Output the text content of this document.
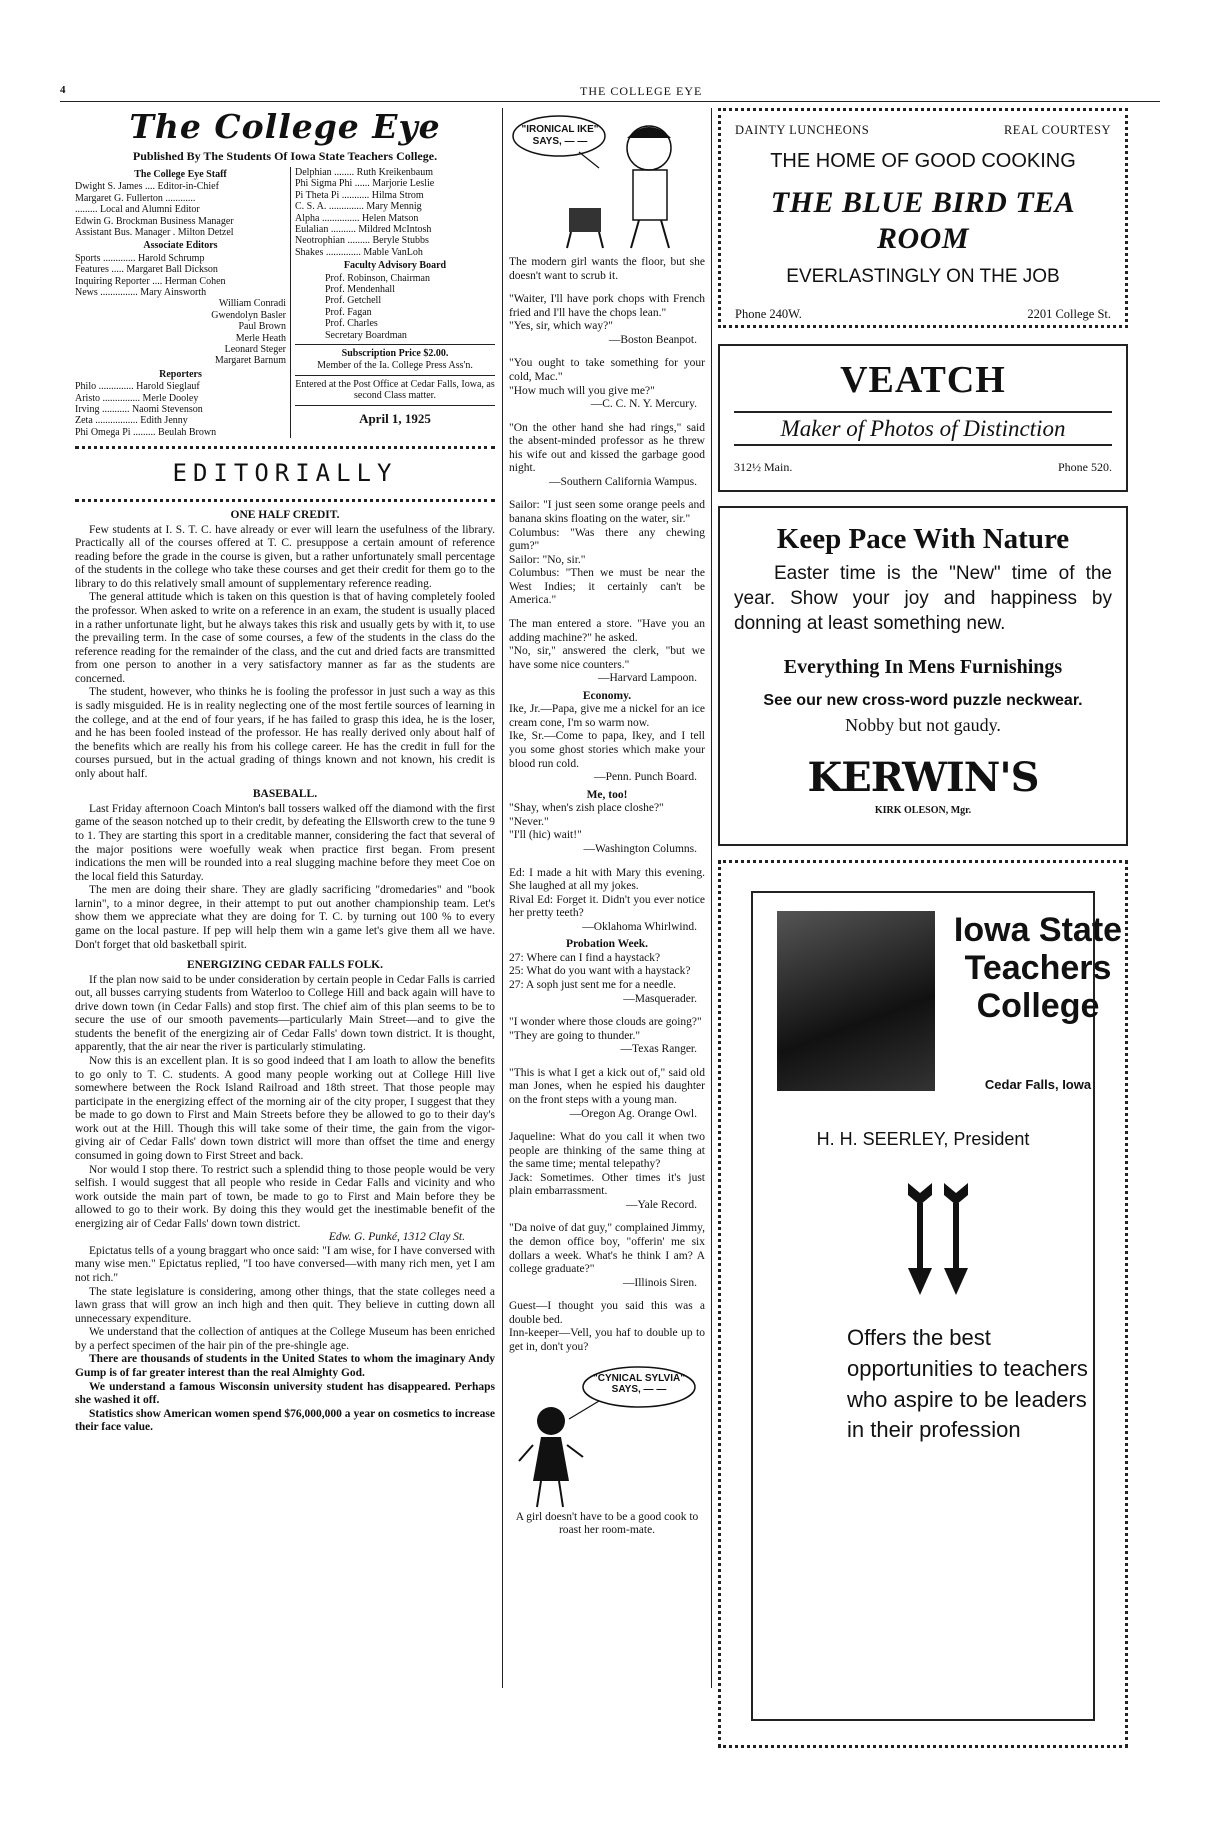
4	THE COLLEGE EYE
The College Eye
Published By The Students Of Iowa State Teachers College.
The College Eye Staff
Dwight S. James .... Editor-in-Chief
Margaret G. Fullerton ............
......... Local and Alumni Editor
Edwin G. Brockman Business Manager
Assistant Bus. Manager . Milton Detzel
Associate Editors
Sports ............. Harold Schrump
Features ..... Margaret Ball Dickson
Inquiring Reporter .... Herman Cohen
News ............... Mary Ainsworth
William Conradi
Gwendolyn Basler
Paul Brown
Merle Heath
Leonard Steger
Margaret Barnum
Reporters
Philo .............. Harold Sieglauf
Aristo ............... Merle Dooley
Irving ........... Naomi Stevenson
Zeta ................. Edith Jenny
Phi Omega Pi ......... Beulah Brown
Delphian ........ Ruth Kreikenbaum
Phi Sigma Phi ...... Marjorie Leslie
Pi Theta Pi ........... Hilma Strom
C. S. A. .............. Mary Mennig
Alpha ............... Helen Matson
Eulalian .......... Mildred McIntosh
Neotrophian ......... Beryle Stubbs
Shakes .............. Mable VanLoh
Faculty Advisory Board
Prof. Robinson, Chairman
Prof. Mendenhall
Prof. Getchell
Prof. Fagan
Prof. Charles
Secretary Boardman
Subscription Price $2.00.
Member of the Ia. College Press Ass'n.
Entered at the Post Office at Cedar Falls, Iowa, as second Class matter.
April 1, 1925
EDITORIALLY
ONE HALF CREDIT.

Few students at I. S. T. C. have already or ever will learn the usefulness of the library. Practically all of the courses offered at T. C. presuppose a certain amount of reference reading before the grade in the course is given, but a rather unfortunately small percentage of the students in the college who take these courses and get their credit for them go to the library to do this relatively small amount of supplementary reference reading.

The general attitude which is taken on this question is that of having completely fooled the professor. When asked to write on a reference in an exam, the student is usually placed in a rather unfortunate light, but he always takes this risk and usually gets by with it, to use the prevailing term. In the case of some courses, a few of the students in the class do the reference reading for the remainder of the class, and the cut and dried facts are transmitted from one person to another in a very satisfactory manner as far as the students are concerned.

The student, however, who thinks he is fooling the professor in just such a way as this is sadly misguided. He is in reality neglecting one of the most fertile sources of learning in the college, and at the end of four years, if he has failed to grasp this idea, he is the loser, and he has been fooled instead of the professor. He has really derived only about half of the benefits which are really his from his college career. He has the credit in full for the courses pursued, but in the actual grading of things known and not known, his credit is only about half.

BASEBALL.

Last Friday afternoon Coach Minton's ball tossers walked off the diamond with the first game of the season notched up to their credit, by defeating the Ellsworth crew to the tune 9 to 1. They are starting this sport in a creditable manner, considering the fact that several of the major positions were woefully weak when practice first began. From present indications the men will be rounded into a real slugging machine before they meet Coe on the local field this Saturday.

The men are doing their share. They are gladly sacrificing "dromedaries" and "book larnin", to a minor degree, in their attempt to put out another championship team. Let's show them we appreciate what they are doing for T. C. by turning out 100 % to every game on the local pasture. If pep will help them win a game let's give them all we have. Don't forget that old basketball spirit.

ENERGIZING CEDAR FALLS FOLK.

If the plan now said to be under consideration by certain people in Cedar Falls is carried out, all busses carrying students from Waterloo to College Hill and back again will have to drive down town (in Cedar Falls) and stop first. The chief aim of this plan seems to be to secure the use of our smooth pavements—particularly Main Street—and to give the students the benefit of the energizing air of Cedar Falls' down town district. It is thought, apparently, that the air near the river is particularly stimulating.

Now this is an excellent plan. It is so good indeed that I am loath to allow the benefits to go only to T. C. students. A good many people working out at College Hill live somewhere between the Rock Island Railroad and 18th street. That those people may participate in the energizing effect of the morning air of the city proper, I suggest that they be made to go down to First and Main Streets before they be allowed to go to their day's work out at the Hill. Though this will take some of their time, the gain from the vigor-giving air of Cedar Falls' down town district will more than offset the time and energy consumed in going down to First Street and back.

Nor would I stop there. To restrict such a splendid thing to those people would be very selfish. I would suggest that all people who reside in Cedar Falls and vicinity and who work outside the main part of town, be made to go to First and Main before they be allowed to go to their work. By doing this they would get the inestimable benefit of the energizing air of Cedar Falls' down town district.

Edw. G. Punké, 1312 Clay St.

Epictatus tells of a young braggart who once said: "I am wise, for I have conversed with many wise men." Epictatus replied, "I too have conversed—with many rich men, yet I am not rich."

The state legislature is considering, among other things, that the state colleges need a lawn grass that will grow an inch high and then quit. They believe in cutting down all unnecessary expenditure.

We understand that the collection of antiques at the College Museum has been enriched by a perfect specimen of the hair pin of the pre-shingle age.

There are thousands of students in the United States to whom the imaginary Andy Gump is of far greater interest than the real Almighty God.

We understand a famous Wisconsin university student has disappeared. Perhaps she washed it off.

Statistics show American women spend $76,000,000 a year on cosmetics to increase their face value.

"IRONICAL IKE" SAYS, — —

The modern girl wants the floor, but she doesn't want to scrub it.

"Waiter, I'll have pork chops with French fried and I'll have the chops lean."
"Yes, sir, which way?"

—Boston Beanpot.

"You ought to take something for your cold, Mac."
"How much will you give me?"

—C. C. N. Y. Mercury.

"On the other hand she had rings," said the absent-minded professor as he threw his wife out and kissed the garbage good night.

—Southern California Wampus.

Sailor: "I just seen some orange peels and banana skins floating on the water, sir."
Columbus: "Was there any chewing gum?"
Sailor: "No, sir."
Columbus: "Then we must be near the West Indies; it certainly can't be America."

The man entered a store. "Have you an adding machine?" he asked.
"No, sir," answered the clerk, "but we have some nice counters."

—Harvard Lampoon.

Economy.

Ike, Jr.—Papa, give me a nickel for an ice cream cone, I'm so warm now.
Ike, Sr.—Come to papa, Ikey, and I tell you some ghost stories which make your blood run cold.

—Penn. Punch Board.

Me, too!

"Shay, when's zish place closhe?"
"Never."
"I'll (hic) wait!"

—Washington Columns.

Ed: I made a hit with Mary this evening. She laughed at all my jokes.
Rival Ed: Forget it. Didn't you ever notice her pretty teeth?

—Oklahoma Whirlwind.

Probation Week.

27: Where can I find a haystack?
25: What do you want with a haystack?
27: A soph just sent me for a needle.

—Masquerader.

"I wonder where those clouds are going?"
"They are going to thunder."

—Texas Ranger.

"This is what I get a kick out of," said old man Jones, when he espied his daughter on the front steps with a young man.

—Oregon Ag. Orange Owl.

Jaqueline: What do you call it when two people are thinking of the same thing at the same time; mental telepathy?
Jack: Sometimes. Other times it's just plain embarrassment.

—Yale Record.

"Da noive of dat guy," complained Jimmy, the demon office boy, "offerin' me six dollars a week. What's he think I am? A college graduate?"

—Illinois Siren.

Guest—I thought you said this was a double bed.
Inn-keeper—Vell, you haf to double up to get in, don't you?

"CYNICAL SYLVIA" SAYS, — —

A girl doesn't have to be a good cook to roast her room-mate.

DAINTY LUNCHEONS	REAL COURTESY
THE HOME OF GOOD COOKING
THE BLUE BIRD TEA ROOM
EVERLASTINGLY ON THE JOB
Phone 240W.	2201 College St.
VEATCH
Maker of Photos of Distinction
312½ Main.	Phone 520.
Keep Pace With Nature
Easter time is the "New" time of the year. Show your joy and happiness by donning at least something new.
Everything In Mens Furnishings
See our new cross-word puzzle neckwear.
Nobby but not gaudy.
KERWIN'S
KIRK OLESON, Mgr.
Iowa State Teachers College
Cedar Falls, Iowa
H. H. SEERLEY, President
Offers the best opportunities to teachers who aspire to be leaders in their profession
